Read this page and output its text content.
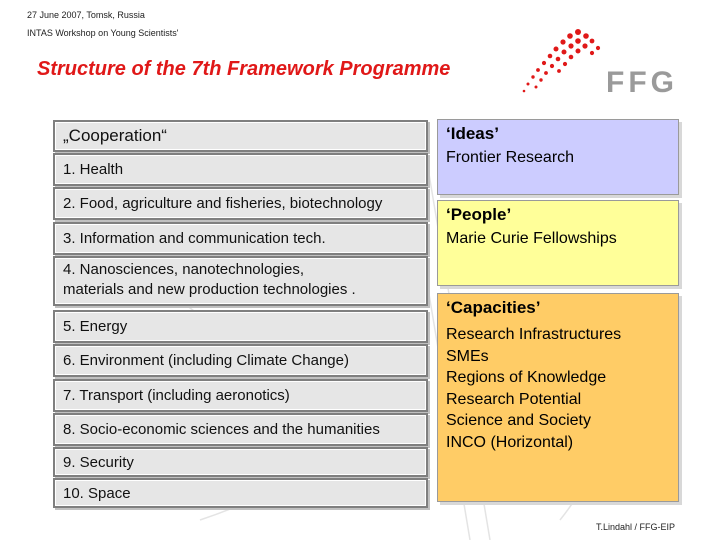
27 June 2007, Tomsk, Russia
INTAS Workshop on Young Scientists'
Structure of the 7th Framework Programme	FFG
„Cooperation“
1. Health
2. Food, agriculture and fisheries, biotechnology
3. Information and communication tech.
4. Nanosciences, nanotechnologies,
materials and new production technologies .
5. Energy
6. Environment (including Climate Change)
7. Transport (including aeronotics)
8. Socio-economic sciences and the humanities
9. Security
10. Space
‘Ideas’
Frontier Research
‘People’
Marie Curie Fellowships
‘Capacities’
Research Infrastructures
SMEs
Regions of Knowledge
Research Potential
Science and Society
INCO (Horizontal)
T.Lindahl / FFG-EIP
